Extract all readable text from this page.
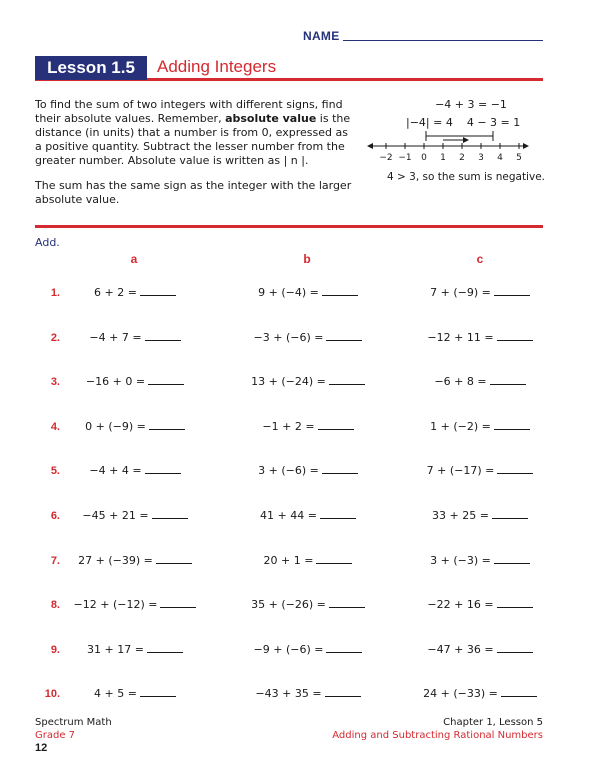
NAME
Lesson 1.5	Adding Integers

To find the sum of two integers with different signs, find their absolute values. Remember, absolute value is the distance (in units) that a number is from 0, expressed as a positive quantity. Subtract the lesser number from the greater number. Absolute value is written as | n |.

The sum has the same sign as the integer with the larger absolute value.

−4 + 3 = −1
|−4| = 4    4 − 3 = 1
−2 −1 0 1 2 3 4 5
4 > 3, so the sum is negative.
Add.
a	b	c
1.	6 + 2 =	9 + (−4) =	7 + (−9) =
2.	−4 + 7 =	−3 + (−6) =	−12 + 11 =
3.	−16 + 0 =	13 + (−24) =	−6 + 8 =
4.	0 + (−9) =	−1 + 2 =	1 + (−2) =
5.	−4 + 4 =	3 + (−6) =	7 + (−17) =
6.	−45 + 21 =	41 + 44 =	33 + 25 =
7.	27 + (−39) =	20 + 1 =	3 + (−3) =
8.	−12 + (−12) =	35 + (−26) =	−22 + 16 =
9.	31 + 17 =	−9 + (−6) =	−47 + 36 =
10.	4 + 5 =	−43 + 35 =	24 + (−33) =
Spectrum Math
Grade 7
12
Chapter 1, Lesson 5
Adding and Subtracting Rational Numbers
